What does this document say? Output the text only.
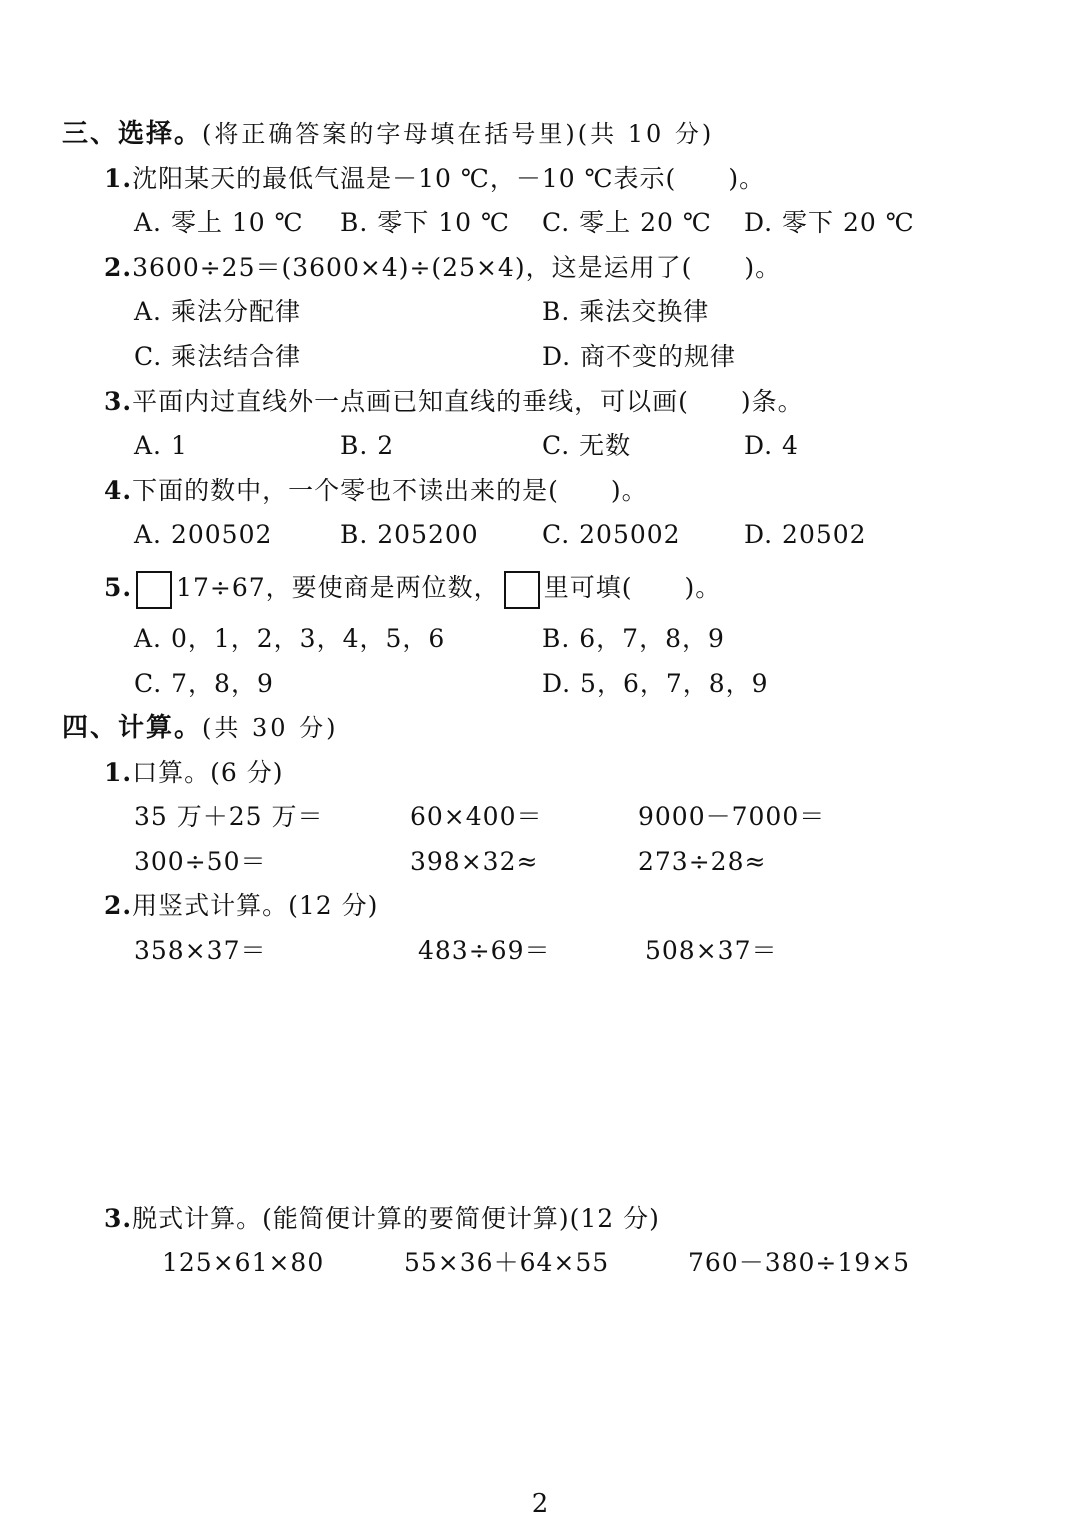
三、选择。(将正确答案的字母填在括号里)(共 10 分)
1.沈阳某天的最低气温是－10 ℃，－10 ℃表示(　　)。
A. 零上 10 ℃ B. 零下 10 ℃ C. 零上 20 ℃ D. 零下 20 ℃
2.3600÷25＝(3600×4)÷(25×4)，这是运用了(　　)。
A. 乘法分配律	B. 乘法交换律
C. 乘法结合律	D. 商不变的规律
3.平面内过直线外一点画已知直线的垂线，可以画(　　)条。
A. 1	B. 2	C. 无数	D. 4
4.下面的数中，一个零也不读出来的是(　　)。
A. 200502	B. 205200	C. 205002	D. 20502
5. 17÷67，要使商是两位数， 里可填(　　)。
A. 0，1，2，3，4，5，6	B. 6，7，8，9
C. 7，8，9	D. 5，6，7，8，9
四、计算。(共 30 分)
1.口算。(6 分)
35 万＋25 万＝	60×400＝	9000－7000＝
300÷50＝	398×32≈	273÷28≈
2.用竖式计算。(12 分)
358×37＝	483÷69＝	508×37＝
3.脱式计算。(能简便计算的要简便计算)(12 分)
125×61×80	55×36＋64×55	760－380÷19×5
2
